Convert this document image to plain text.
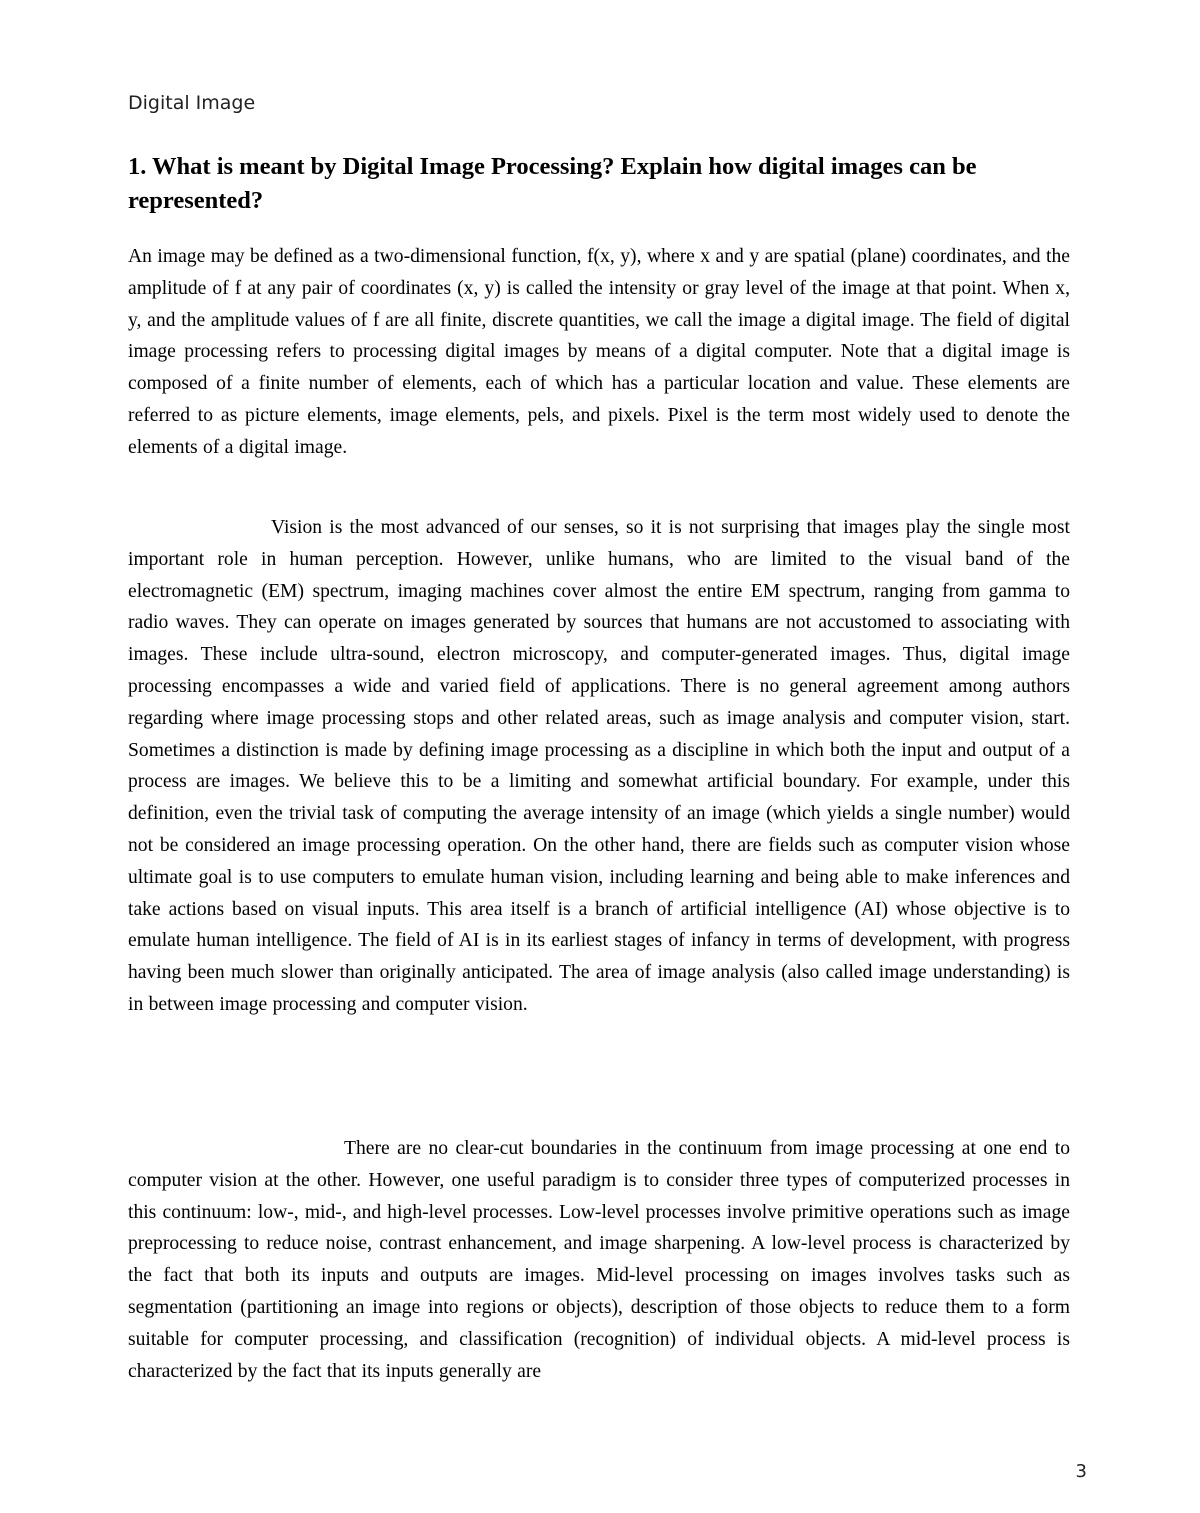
Digital Image

1. What is meant by Digital Image Processing? Explain how digital images can be represented?

An image may be defined as a two-dimensional function, f(x, y), where x and y are spatial (plane) coordinates, and the amplitude of f at any pair of coordinates (x, y) is called the intensity or gray level of the image at that point. When x, y, and the amplitude values of f are all finite, discrete quantities, we call the image a digital image. The field of digital image processing refers to processing digital images by means of a digital computer. Note that a digital image is composed of a finite number of elements, each of which has a particular location and value. These elements are referred to as picture elements, image elements, pels, and pixels. Pixel is the term most widely used to denote the elements of a digital image.

Vision is the most advanced of our senses, so it is not surprising that images play the single most important role in human perception. However, unlike humans, who are limited to the visual band of the electromagnetic (EM) spectrum, imaging machines cover almost the entire EM spectrum, ranging from gamma to radio waves. They can operate on images generated by sources that humans are not accustomed to associating with images. These include ultra-sound, electron microscopy, and computer-generated images. Thus, digital image processing encompasses a wide and varied field of applications. There is no general agreement among authors regarding where image processing stops and other related areas, such as image analysis and computer vision, start. Sometimes a distinction is made by defining image processing as a discipline in which both the input and output of a process are images. We believe this to be a limiting and somewhat artificial boundary. For example, under this definition, even the trivial task of computing the average intensity of an image (which yields a single number) would not be considered an image processing operation. On the other hand, there are fields such as computer vision whose ultimate goal is to use computers to emulate human vision, including learning and being able to make inferences and take actions based on visual inputs. This area itself is a branch of artificial intelligence (AI) whose objective is to emulate human intelligence. The field of AI is in its earliest stages of infancy in terms of development, with progress having been much slower than originally anticipated. The area of image analysis (also called image understanding) is in between image processing and computer vision.

There are no clear-cut boundaries in the continuum from image processing at one end to computer vision at the other. However, one useful paradigm is to consider three types of computerized processes in this continuum: low-, mid-, and high-level processes. Low-level processes involve primitive operations such as image preprocessing to reduce noise, contrast enhancement, and image sharpening. A low-level process is characterized by the fact that both its inputs and outputs are images. Mid-level processing on images involves tasks such as segmentation (partitioning an image into regions or objects), description of those objects to reduce them to a form suitable for computer processing, and classification (recognition) of individual objects. A mid-level process is characterized by the fact that its inputs generally are

3
